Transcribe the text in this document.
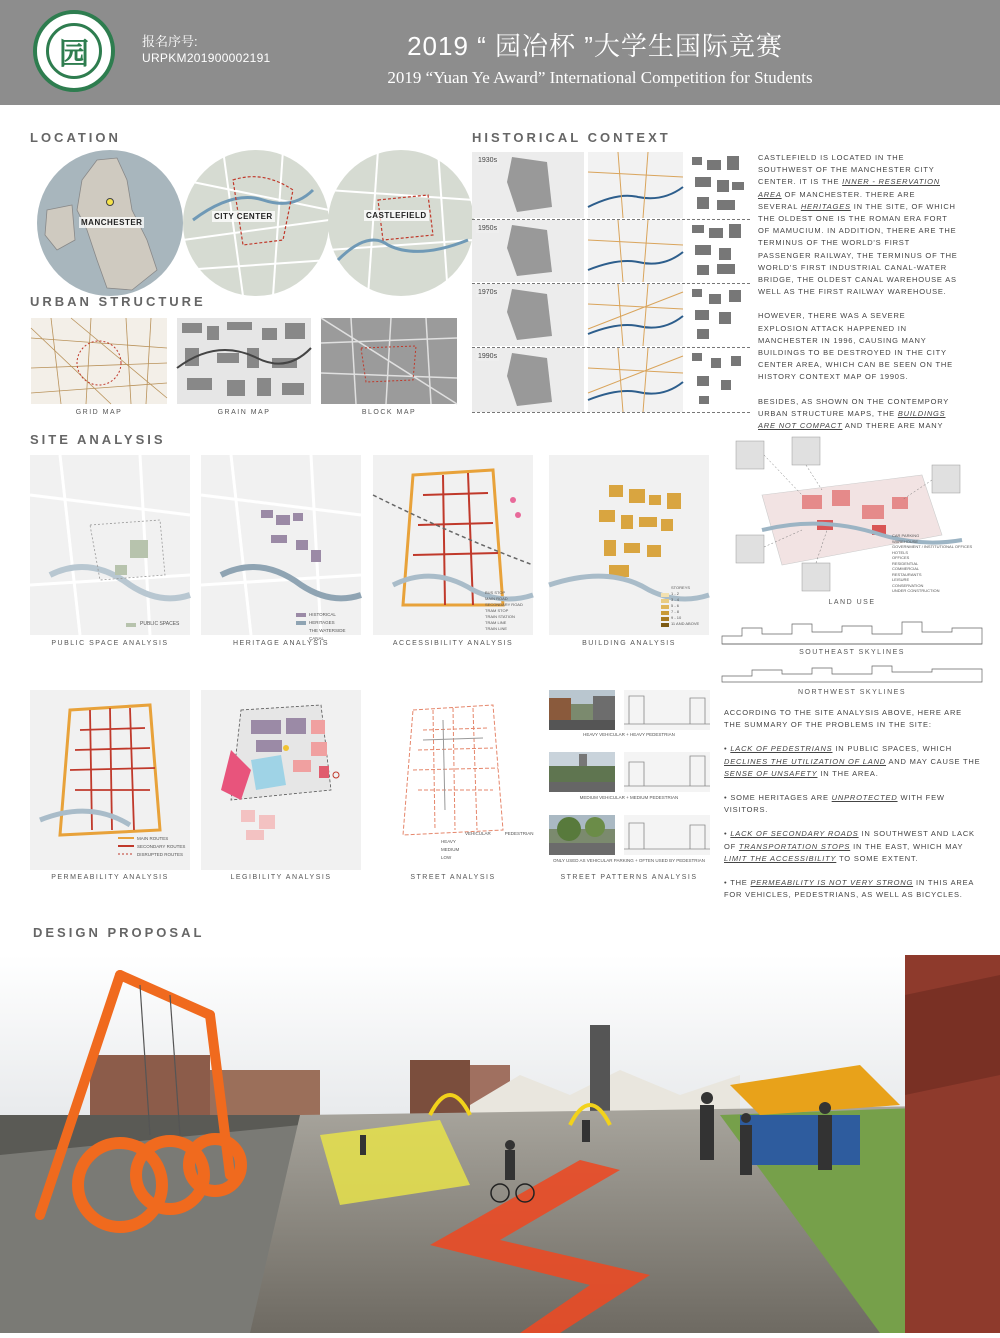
园	报名序号:
URPKM201900002191	2019 “ 园冶杯 ”大学生国际竞赛
2019 “Yuan Ye Award” International Competition for Students
LOCATION
MANCHESTER
CITY CENTER	CASTLEFIELD
URBAN STRUCTURE
GRID MAP	GRAIN MAP	BLOCK MAP
HISTORICAL CONTEXT
1930s
1950s
1970s
1990s
CASTLEFIELD IS LOCATED IN THE SOUTHWEST OF THE MANCHESTER CITY CENTER. IT IS THE INNER - RESERVATION AREA OF MANCHESTER. THERE ARE SEVERAL HERITAGES IN THE SITE, OF WHICH THE OLDEST ONE IS THE ROMAN ERA FORT OF MAMUCIUM. IN ADDITION, THERE ARE THE TERMINUS OF THE WORLD'S FIRST PASSENGER RAILWAY, THE TERMINUS OF THE WORLD'S FIRST INDUSTRIAL CANAL-WATER BRIDGE, THE OLDEST CANAL WAREHOUSE AS WELL AS THE FIRST RAILWAY WAREHOUSE.
HOWEVER, THERE WAS A SEVERE EXPLOSION ATTACK HAPPENED IN MANCHESTER IN 1996, CAUSING MANY BUILDINGS TO BE DESTROYED IN THE CITY CENTER AREA, WHICH CAN BE SEEN ON THE HISTORY CONTEXT MAP OF 1990S.
BESIDES, AS SHOWN ON THE CONTEMPORY URBAN STRUCTURE MAPS, THE BUILDINGS ARE NOT COMPACT AND THERE ARE MANY
SITE ANALYSIS
PUBLIC SPACES
PUBLIC SPACE ANALYSIS
HISTORICAL HERITAGES
THE WATERSIDE CANAL
HERITAGE ANALYSIS
BUS STOP
MAIN ROAD
SECONDARY ROAD
TRAM STOP
TRAIN STATION
TRAM LINE
TRAIN LINE
ACCESSIBILITY ANALYSIS
STOREYS
1 - 2
3 - 4
5 - 6
7 - 8
9 - 10
11 AND ABOVE
BUILDING ANALYSIS
CAR PARKING
WAREHOUSE
GOVERNMENT / INSTITUTIONAL OFFICES
HOTELS
OFFICES
RESIDENTIAL
COMMERCIAL
RESTAURANTS
LEISURE
CONSERVATION
UNDER CONSTRUCTION
LAND USE
SOUTHEAST SKYLINES
NORTHWEST SKYLINES
MAIN ROUTES
SECONDARY ROUTES
DISRUPTED ROUTES
PERMEABILITY ANALYSIS	LEGIBILITY ANALYSIS
VEHICULAR	PEDESTRIAN
HEAVY
MEDIUM
LOW
STREET ANALYSIS
HEAVY VEHICULAR + HEAVY PEDESTRIAN
MEDIUM VEHICULAR + MEDIUM PEDESTRIAN
ONLY USED AS VEHICULAR PARKING + OFTEN USED BY PEDESTRIAN
STREET PATTERNS ANALYSIS
ACCORDING TO THE SITE ANALYSIS ABOVE, HERE ARE THE SUMMARY OF THE PROBLEMS IN THE SITE:
• LACK OF PEDESTRIANS IN PUBLIC SPACES, WHICH DECLINES THE UTILIZATION OF LAND AND MAY CAUSE THE SENSE OF UNSAFETY IN THE AREA.
• SOME HERITAGES ARE UNPROTECTED WITH FEW VISITORS.
• LACK OF SECONDARY ROADS IN SOUTHWEST AND LACK OF TRANSPORTATION STOPS IN THE EAST, WHICH MAY LIMIT THE ACCESSIBILITY TO SOME EXTENT.
• THE PERMEABILITY IS NOT VERY STRONG IN THIS AREA FOR VEHICLES, PEDESTRIANS, AS WELL AS BICYCLES.
DESIGN PROPOSAL
